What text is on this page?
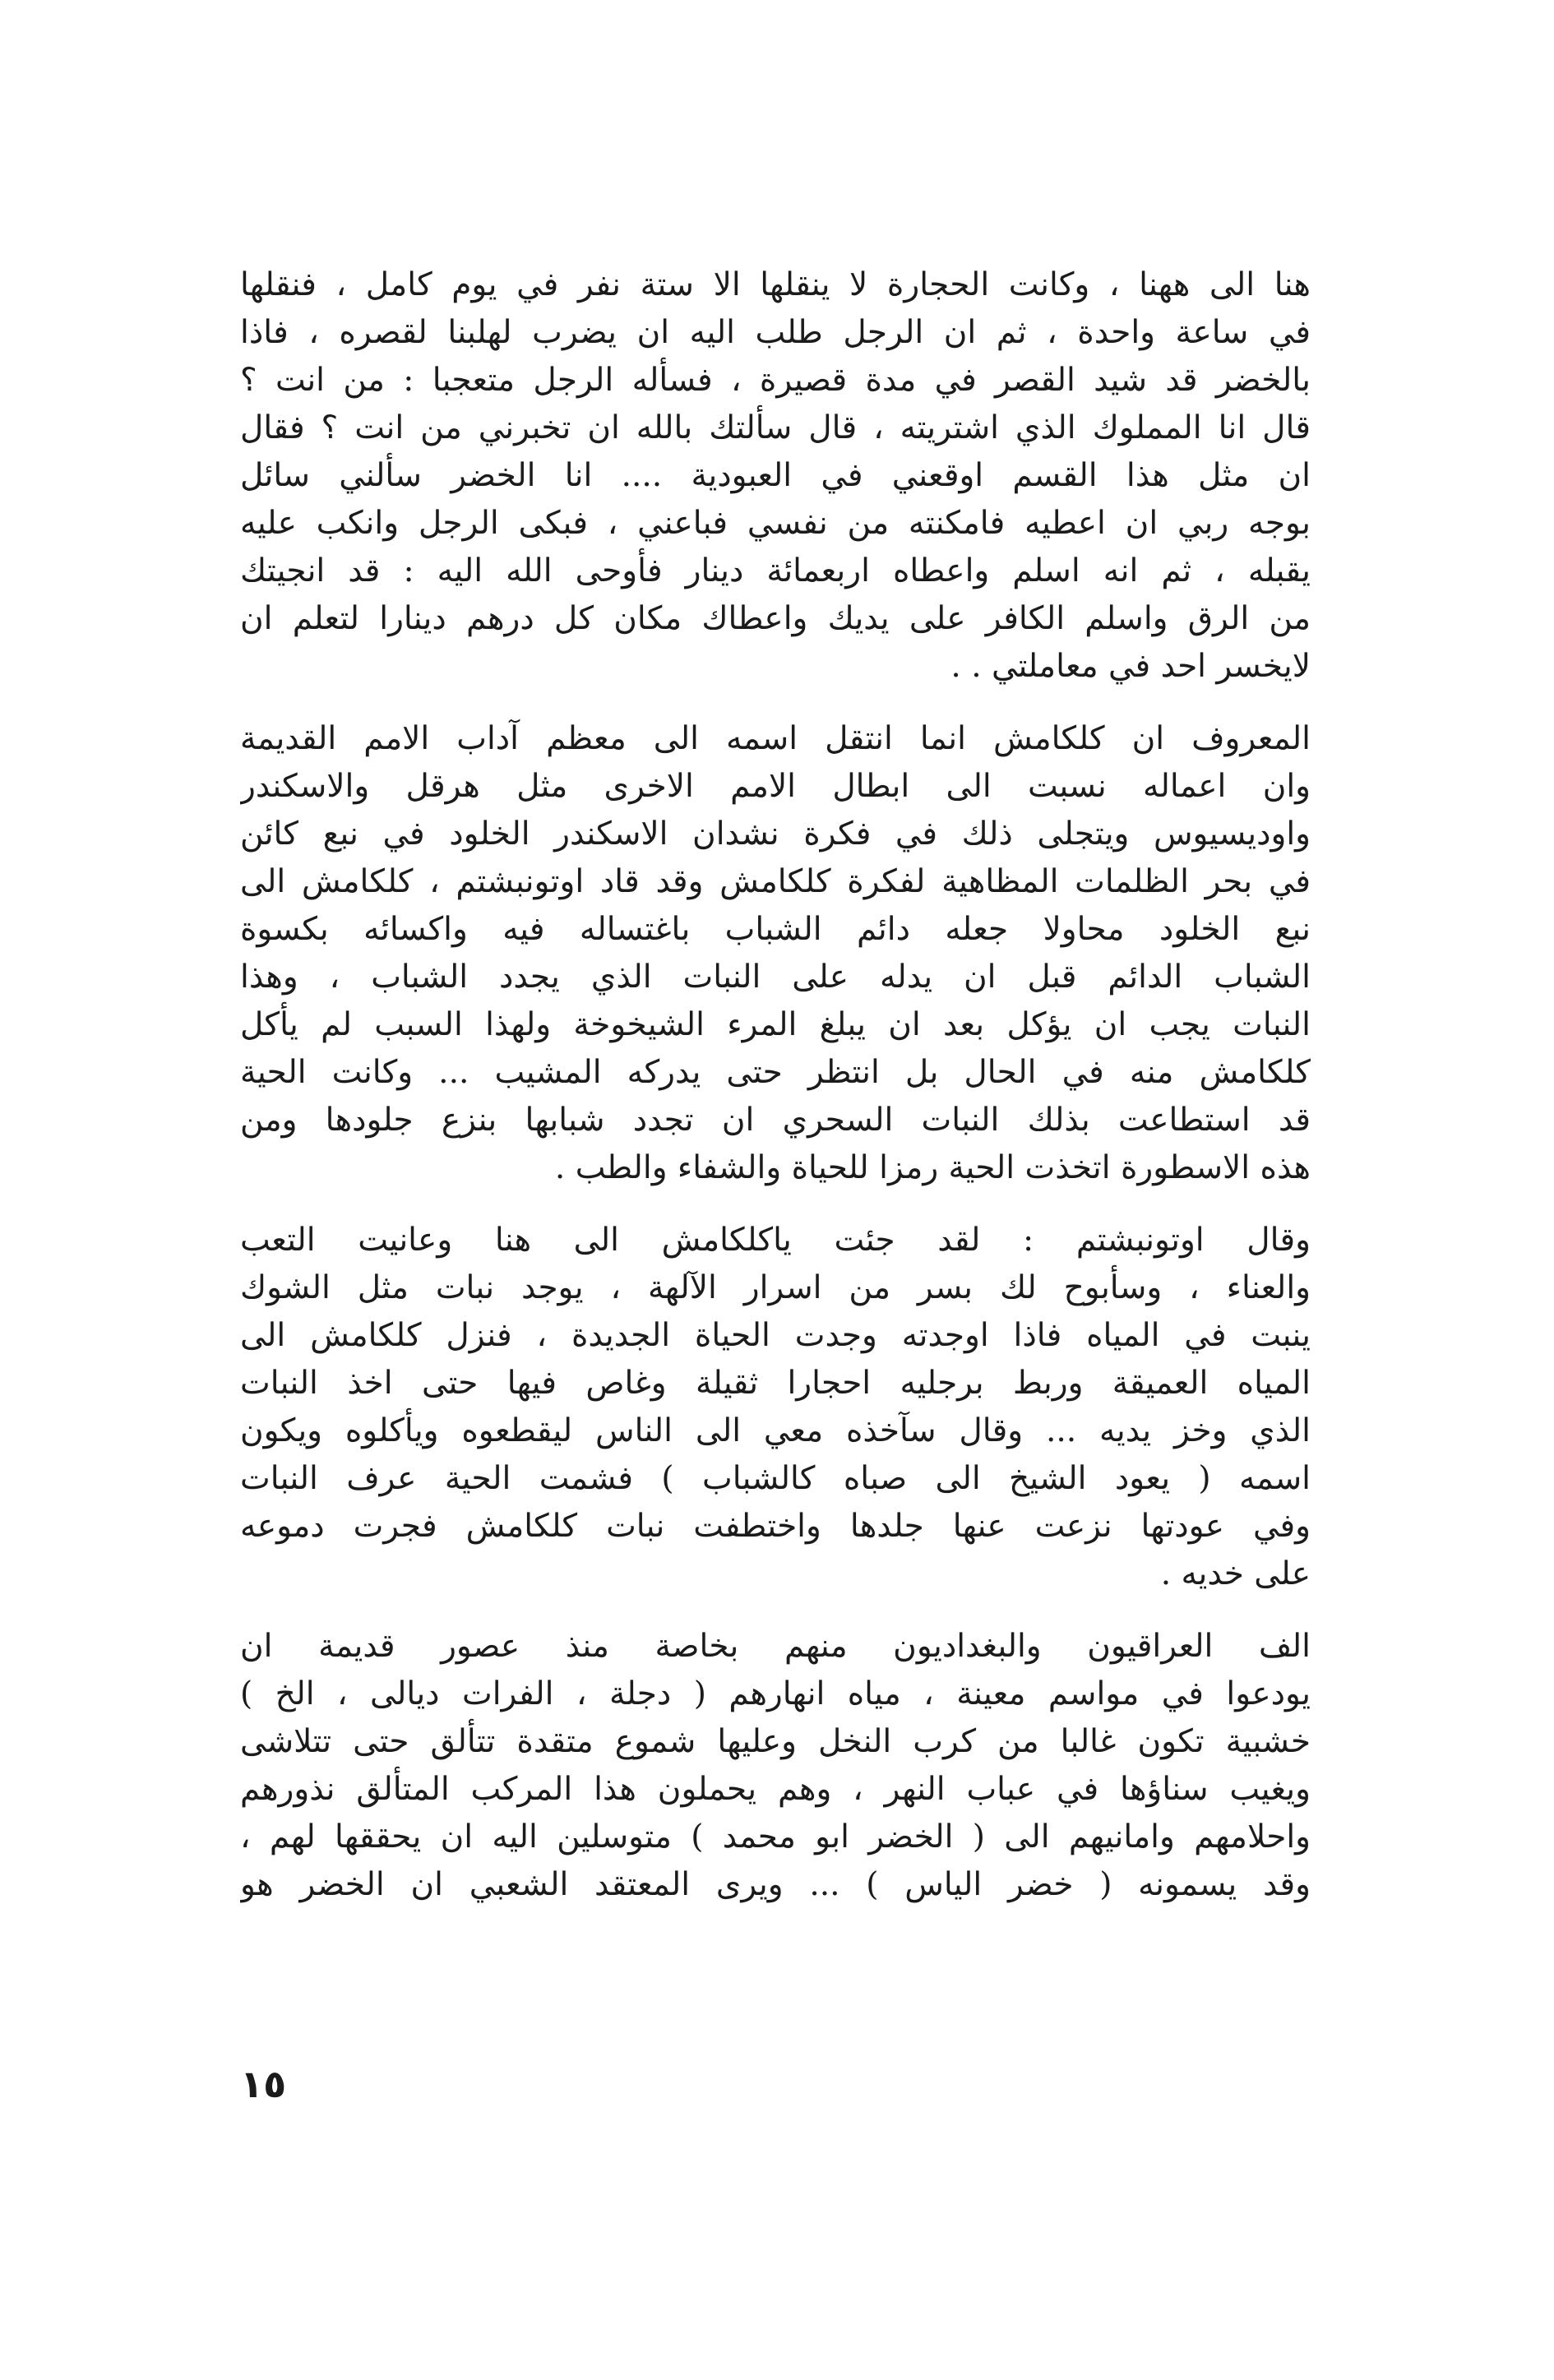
هنا الى ههنا ، وكانت الحجارة لا ينقلها الا ستة نفر في يوم كامل ، فنقلها
في ساعة واحدة ، ثم ان الرجل طلب اليه ان يضرب لهلبنا لقصره ، فاذا
بالخضر قد شيد القصر في مدة قصيرة ، فسأله الرجل متعجبا : من انت ؟
قال انا المملوك الذي اشتريته ، قال سألتك بالله ان تخبرني من انت ؟ فقال
ان مثل هذا القسم اوقعني في العبودية .... انا الخضر سألني سائل
بوجه ربي ان اعطيه فامكنته من نفسي فباعني ، فبكى الرجل وانكب عليه
يقبله ، ثم انه اسلم واعطاه اربعمائة دينار فأوحى الله اليه : قد انجيتك
من الرق واسلم الكافر على يديك واعطاك مكان كل درهم دينارا لتعلم ان
لايخسر احد في معاملتي . .
المعروف ان كلكامش انما انتقل اسمه الى معظم آداب الامم القديمة
وان اعماله نسبت الى ابطال الامم الاخرى مثل هرقل والاسكندر
واوديسيوس ويتجلى ذلك في فكرة نشدان الاسكندر الخلود في نبع كائن
في بحر الظلمات المظاهية لفكرة كلكامش وقد قاد اوتونبشتم ، كلكامش الى
نبع الخلود محاولا جعله دائم الشباب باغتساله فيه واكسائه بكسوة
الشباب الدائم قبل ان يدله على النبات الذي يجدد الشباب ، وهذا
النبات يجب ان يؤكل بعد ان يبلغ المرء الشيخوخة ولهذا السبب لم يأكل
كلكامش منه في الحال بل انتظر حتى يدركه المشيب ... وكانت الحية
قد استطاعت بذلك النبات السحري ان تجدد شبابها بنزع جلودها ومن
هذه الاسطورة اتخذت الحية رمزا للحياة والشفاء والطب .
وقال اوتونبشتم : لقد جئت ياكلكامش الى هنا وعانيت التعب
والعناء ، وسأبوح لك بسر من اسرار الآلهة ، يوجد نبات مثل الشوك
ينبت في المياه فاذا اوجدته وجدت الحياة الجديدة ، فنزل كلكامش الى
المياه العميقة وربط برجليه احجارا ثقيلة وغاص فيها حتى اخذ النبات
الذي وخز يديه ... وقال سآخذه معي الى الناس ليقطعوه ويأكلوه ويكون
اسمه ( يعود الشيخ الى صباه كالشباب ) فشمت الحية عرف النبات
وفي عودتها نزعت عنها جلدها واختطفت نبات كلكامش فجرت دموعه
على خديه .
الف العراقيون والبغداديون منهم بخاصة منذ عصور قديمة ان
يودعوا في مواسم معينة ، مياه انهارهم ( دجلة ، الفرات ديالى ، الخ )
خشبية تكون غالبا من كرب النخل وعليها شموع متقدة تتألق حتى تتلاشى
ويغيب سناؤها في عباب النهر ، وهم يحملون هذا المركب المتألق نذورهم
واحلامهم وامانيهم الى ( الخضر ابو محمد ) متوسلين اليه ان يحققها لهم ،
وقد يسمونه ( خضر الياس ) ... ويرى المعتقد الشعبي ان الخضر هو
١٥
